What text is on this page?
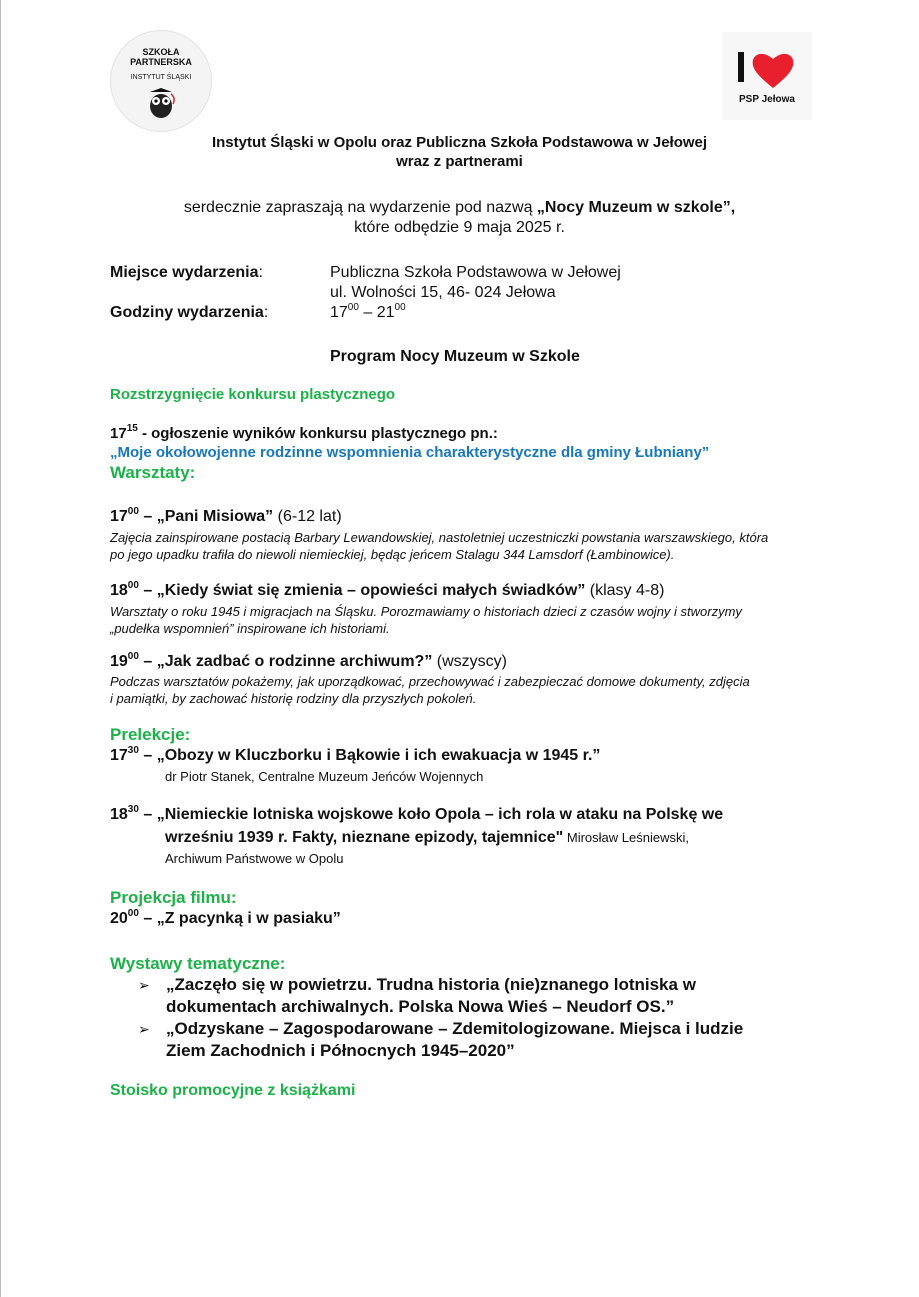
SZKOŁA
PARTNERSKA
INSTYTUT ŚLĄSKI
PSP Jełowa
Instytut Śląski w Opolu oraz Publiczna Szkoła Podstawowa w Jełowej
wraz z partnerami
serdecznie zapraszają na wydarzenie pod nazwą „Nocy Muzeum w szkole”,
które odbędzie 9 maja 2025 r.
Miejsce wydarzenia:	Publiczna Szkoła Podstawowa w Jełowej
ul. Wolności 15, 46- 024 Jełowa
Godziny wydarzenia:	$17^{00} - 21^{00}$
Program Nocy Muzeum w Szkole
Rozstrzygnięcie konkursu plastycznego
$17^{15}$ - ogłoszenie wyników konkursu plastycznego pn.:
„Moje okołowojenne rodzinne wspomnienia charakterystyczne dla gminy Łubniany”
Warsztaty:
$17^{00}$ – „Pani Misiowa” (6-12 lat)
Zajęcia zainspirowane postacią Barbary Lewandowskiej, nastoletniej uczestniczki powstania warszawskiego, która
po jego upadku trafiła do niewoli niemieckiej, będąc jeńcem Stalagu 344 Lamsdorf (Łambinowice).
$18^{00}$ – „Kiedy świat się zmienia – opowieści małych świadków” (klasy 4-8)
Warsztaty o roku 1945 i migracjach na Śląsku. Porozmawiamy o historiach dzieci z czasów wojny i stworzymy
„pudełka wspomnień” inspirowane ich historiami.
$19^{00}$ – „Jak zadbać o rodzinne archiwum?” (wszyscy)
Podczas warsztatów pokażemy, jak uporządkować, przechowywać i zabezpieczać domowe dokumenty, zdjęcia
i pamiątki, by zachować historię rodziny dla przyszłych pokoleń.
Prelekcje:
$17^{30}$ – „Obozy w Kluczborku i Bąkowie i ich ewakuacja w 1945 r.”
dr Piotr Stanek, Centralne Muzeum Jeńców Wojennych
$18^{30}$ – „Niemieckie lotniska wojskowe koło Opola – ich rola w ataku na Polskę we
wrześniu 1939 r. Fakty, nieznane epizody, tajemnice" Mirosław Leśniewski,
Archiwum Państwowe w Opolu
Projekcja filmu:
$20^{00}$ – „Z pacynką i w pasiaku”
Wystawy tematyczne:
➢ „Zaczęło się w powietrzu. Trudna historia (nie)znanego lotniska w
dokumentach archiwalnych. Polska Nowa Wieś – Neudorf OS.”
➢ „Odzyskane – Zagospodarowane – Zdemitologizowane. Miejsca i ludzie
Ziem Zachodnich i Północnych 1945–2020”
Stoisko promocyjne z książkami
